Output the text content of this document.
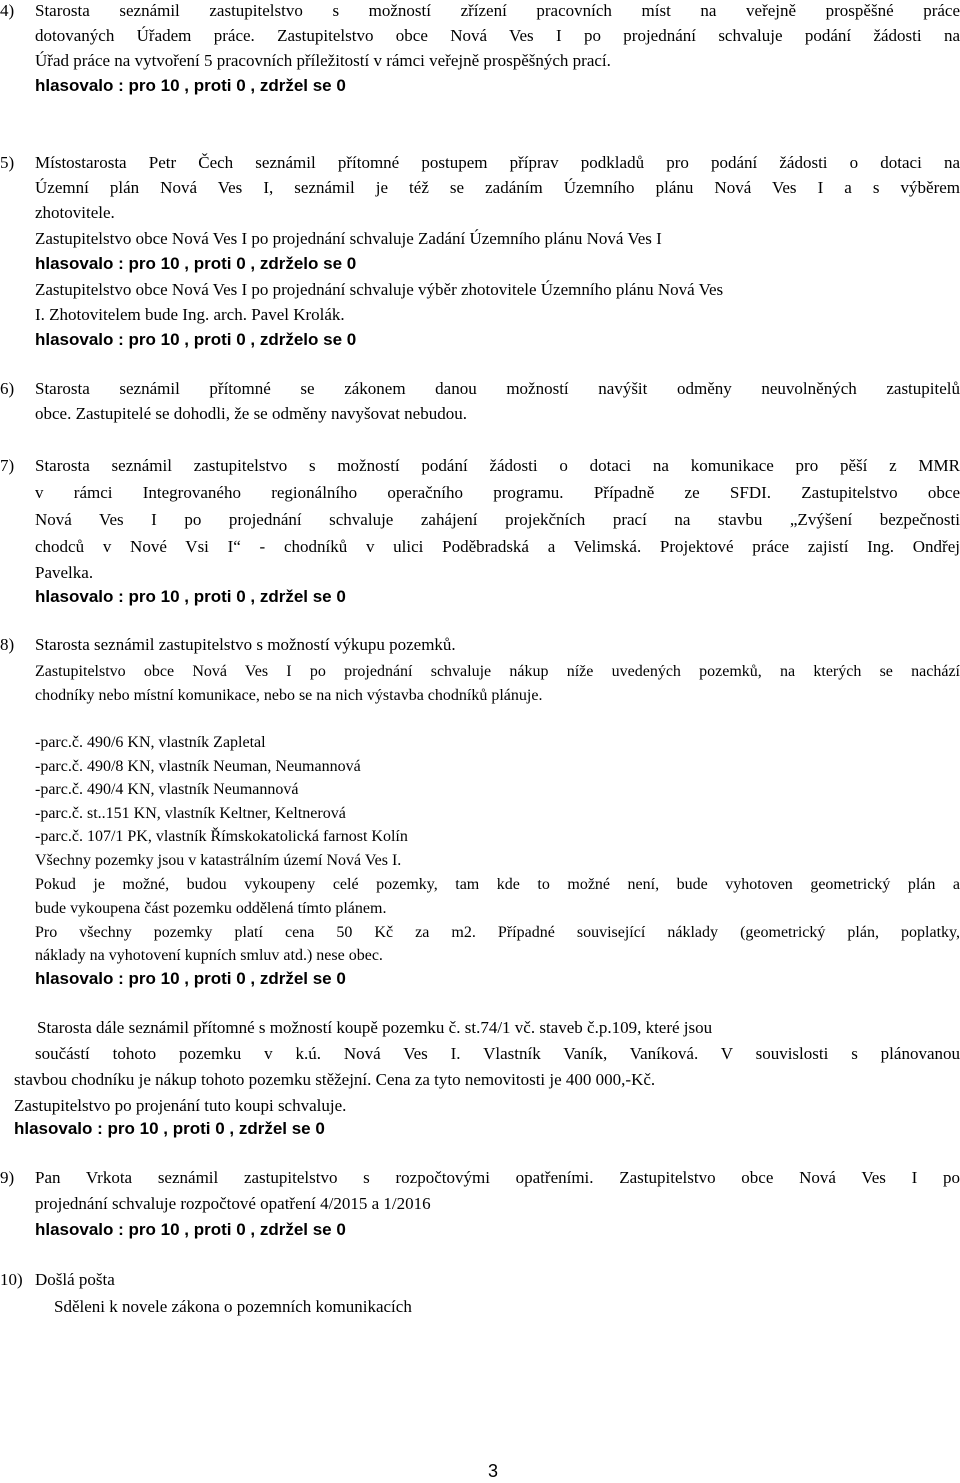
4) Starosta seznámil zastupitelstvo s možností zřízení pracovních míst na veřejně prospěšné práce
dotovaných Úřadem práce. Zastupitelstvo obce Nová Ves I po projednání schvaluje podání žádosti na
Úřad práce na vytvoření 5 pracovních příležitostí v rámci veřejně prospěšných prací.
hlasovalo : pro 10 , proti 0 , zdržel se 0
5) Místostarosta Petr Čech seznámil přítomné postupem příprav podkladů pro podání žádosti o dotaci na
Územní plán Nová Ves I, seznámil je též se zadáním Územního plánu Nová Ves I a s výběrem
zhotovitele.
Zastupitelstvo obce Nová Ves I po projednání schvaluje Zadání Územního plánu Nová Ves I
hlasovalo : pro 10 , proti 0 , zdrželo se 0
Zastupitelstvo obce Nová Ves I po projednání schvaluje výběr zhotovitele Územního plánu Nová Ves
I. Zhotovitelem bude Ing. arch. Pavel Krolák.
hlasovalo : pro 10 , proti 0 , zdrželo se 0
6) Starosta seznámil přítomné se zákonem danou možností navýšit odměny neuvolněných zastupitelů
obce. Zastupitelé se dohodli, že se odměny navyšovat nebudou.
7) Starosta seznámil zastupitelstvo s možností podání žádosti o dotaci na komunikace pro pěší z MMR
v rámci Integrovaného regionálního operačního programu. Případně ze SFDI. Zastupitelstvo obce
Nová Ves I po projednání schvaluje zahájení projekčních prací na stavbu „Zvýšení bezpečnosti
chodců v Nové Vsi I“ - chodníků v ulici Poděbradská a Velimská. Projektové práce zajistí Ing. Ondřej
Pavelka.
hlasovalo : pro 10 , proti 0 , zdržel se 0
8) Starosta seznámil zastupitelstvo s možností výkupu pozemků.
Zastupitelstvo obce Nová Ves I po projednání schvaluje nákup níže uvedených pozemků, na kterých se nachází
chodníky nebo místní komunikace, nebo se na nich výstavba chodníků plánuje.
-parc.č. 490/6 KN, vlastník Zapletal
-parc.č. 490/8 KN, vlastník Neuman, Neumannová
-parc.č. 490/4 KN, vlastník Neumannová
-parc.č. st..151 KN, vlastník Keltner, Keltnerová
-parc.č. 107/1 PK, vlastník Římskokatolická farnost Kolín
Všechny pozemky jsou v katastrálním území Nová Ves I.
Pokud je možné, budou vykoupeny celé pozemky, tam kde to možné není, bude vyhotoven geometrický plán a
bude vykoupena část pozemku oddělená tímto plánem.
Pro všechny pozemky platí cena 50 Kč za m2. Případné související náklady (geometrický plán, poplatky,
náklady na vyhotovení kupních smluv atd.) nese obec.
hlasovalo : pro 10 , proti 0 , zdržel se 0
Starosta dále seznámil přítomné s možností koupě pozemku č. st.74/1 vč. staveb č.p.109, které jsou
součástí tohoto pozemku v k.ú. Nová Ves I. Vlastník Vaník, Vaníková. V souvislosti s plánovanou
stavbou chodníku je nákup tohoto pozemku stěžejní. Cena za tyto nemovitosti je 400 000,-Kč.
Zastupitelstvo po projenání tuto koupi schvaluje.
hlasovalo : pro 10 , proti 0 , zdržel se 0
9) Pan Vrkota seznámil zastupitelstvo s rozpočtovými opatřeními. Zastupitelstvo obce Nová Ves I po
projednání schvaluje rozpočtové opatření 4/2015 a 1/2016
hlasovalo : pro 10 , proti 0 , zdržel se 0
10) Došlá pošta
Sděleni k novele zákona o pozemních komunikacích
3
